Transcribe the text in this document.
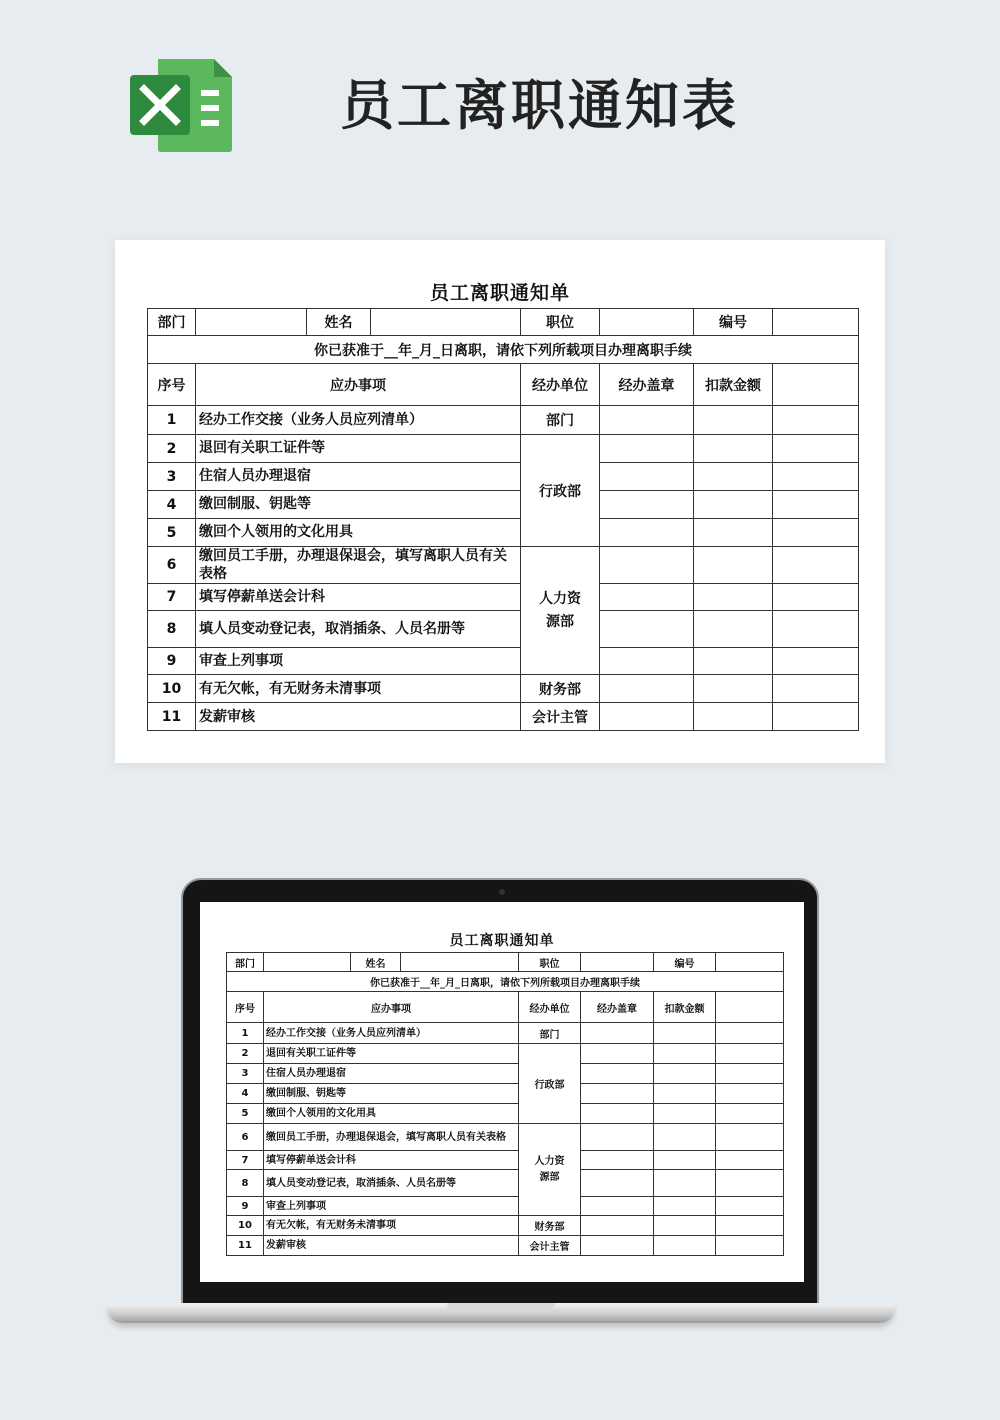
员工离职通知表
员工离职通知单
部门		姓名		职位		编号	
你已获准于__年_月_日离职，请依下列所载项目办理离职手续							
序号	应办事项			经办单位	经办盖章	扣款金额	
1	经办工作交接（业务人员应列清单）			部门			
2	退回有关职工证件等			行政部			
3	住宿人员办理退宿						
4	缴回制服、钥匙等						
5	缴回个人领用的文化用具						
6	缴回员工手册，办理退保退会，填写离职人员有关表格			人力资
源部			
7	填写停薪单送会计科						
8	填人员变动登记表，取消插条、人员名册等						
9	审查上列事项						
10	有无欠帐，有无财务未清事项			财务部			
11	发薪审核			会计主管			
员工离职通知单
部门		姓名		职位		编号	
你已获准于__年_月_日离职，请依下列所载项目办理离职手续							
序号	应办事项			经办单位	经办盖章	扣款金额	
1	经办工作交接（业务人员应列清单）			部门			
2	退回有关职工证件等			行政部			
3	住宿人员办理退宿						
4	缴回制服、钥匙等						
5	缴回个人领用的文化用具						
6	缴回员工手册，办理退保退会，填写离职人员有关表格			人力资
源部			
7	填写停薪单送会计科						
8	填人员变动登记表，取消插条、人员名册等						
9	审查上列事项						
10	有无欠帐，有无财务未清事项			财务部			
11	发薪审核			会计主管			
